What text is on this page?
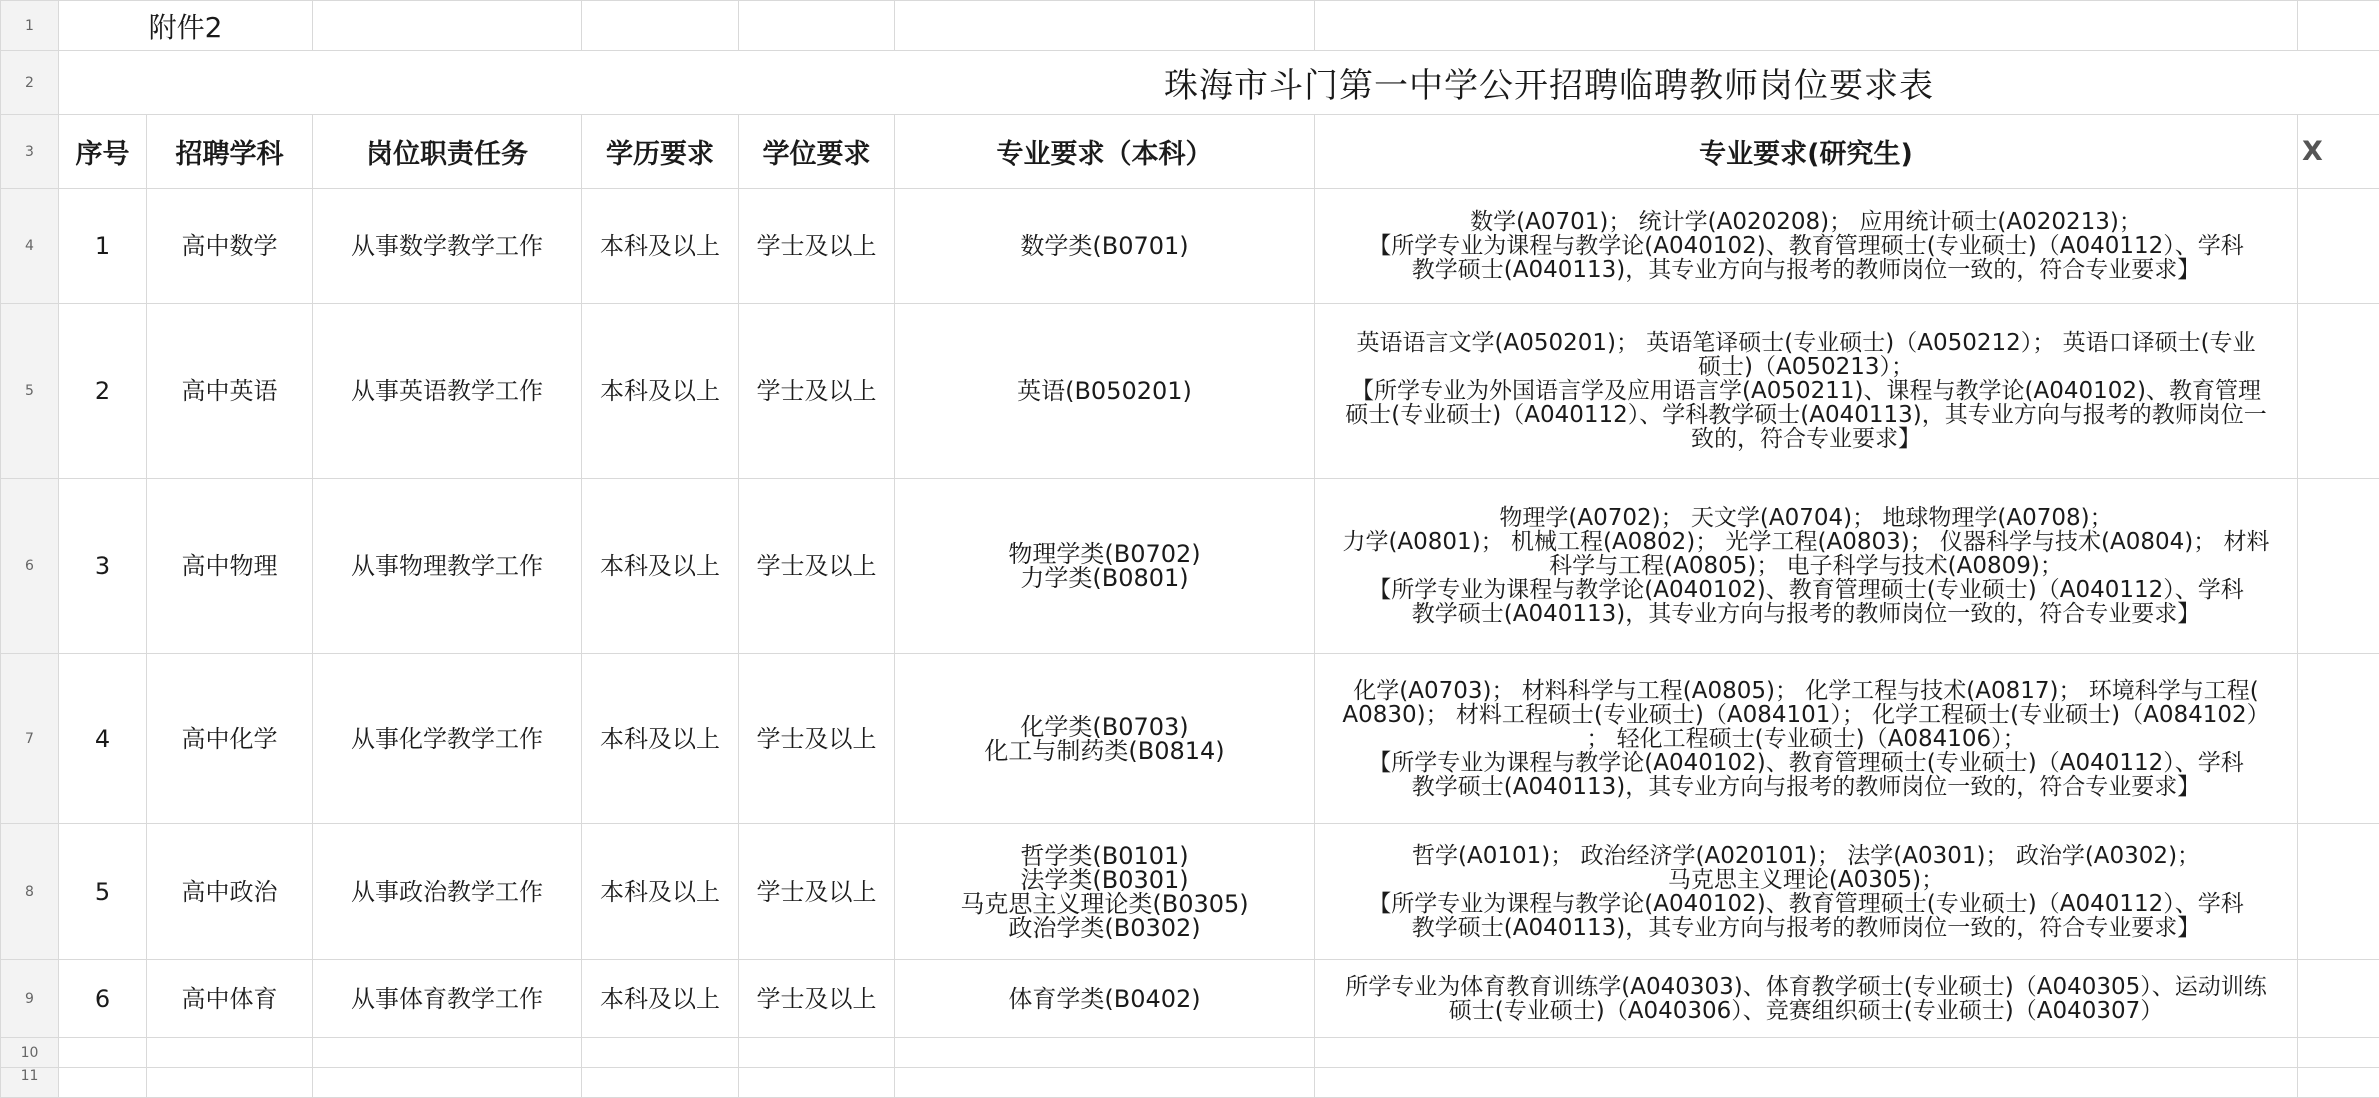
1	附件2							
2	珠海市斗门第一中学公开招聘临聘教师岗位要求表							
3	序号	招聘学科	岗位职责任务	学历要求	学位要求	专业要求（本科）	专业要求(研究生)	X
4	1	高中数学	从事数学教学工作	本科及以上	学士及以上	数学类(B0701)	数学(A0701)； 统计学(A020208)； 应用统计硕士(A020213)；
【所学专业为课程与教学论(A040102)、教育管理硕士(专业硕士)（A040112）、学科
教学硕士(A040113)，其专业方向与报考的教师岗位一致的，符合专业要求】	
5	2	高中英语	从事英语教学工作	本科及以上	学士及以上	英语(B050201)	英语语言文学(A050201)； 英语笔译硕士(专业硕士)（A050212）； 英语口译硕士(专业
硕士)（A050213）；
【所学专业为外国语言学及应用语言学(A050211)、课程与教学论(A040102)、教育管理
硕士(专业硕士)（A040112）、学科教学硕士(A040113)，其专业方向与报考的教师岗位一
致的，符合专业要求】	
6	3	高中物理	从事物理教学工作	本科及以上	学士及以上	物理学类(B0702)
力学类(B0801)	物理学(A0702)； 天文学(A0704)； 地球物理学(A0708)；
力学(A0801)； 机械工程(A0802)； 光学工程(A0803)； 仪器科学与技术(A0804)； 材料
科学与工程(A0805)； 电子科学与技术(A0809)；
【所学专业为课程与教学论(A040102)、教育管理硕士(专业硕士)（A040112）、学科
教学硕士(A040113)，其专业方向与报考的教师岗位一致的，符合专业要求】	
7	4	高中化学	从事化学教学工作	本科及以上	学士及以上	化学类(B0703)
化工与制药类(B0814)	化学(A0703)； 材料科学与工程(A0805)； 化学工程与技术(A0817)； 环境科学与工程(
A0830)； 材料工程硕士(专业硕士)（A084101）； 化学工程硕士(专业硕士)（A084102）
； 轻化工程硕士(专业硕士)（A084106）；
【所学专业为课程与教学论(A040102)、教育管理硕士(专业硕士)（A040112）、学科
教学硕士(A040113)，其专业方向与报考的教师岗位一致的，符合专业要求】	
8	5	高中政治	从事政治教学工作	本科及以上	学士及以上	哲学类(B0101)
法学类(B0301)
马克思主义理论类(B0305)
政治学类(B0302)	哲学(A0101)； 政治经济学(A020101)； 法学(A0301)； 政治学(A0302)；
马克思主义理论(A0305)；
【所学专业为课程与教学论(A040102)、教育管理硕士(专业硕士)（A040112）、学科
教学硕士(A040113)，其专业方向与报考的教师岗位一致的，符合专业要求】	
9	6	高中体育	从事体育教学工作	本科及以上	学士及以上	体育学类(B0402)	所学专业为体育教育训练学(A040303)、体育教学硕士(专业硕士)（A040305）、运动训练
硕士(专业硕士)（A040306）、竞赛组织硕士(专业硕士)（A040307）	
10								
11								
